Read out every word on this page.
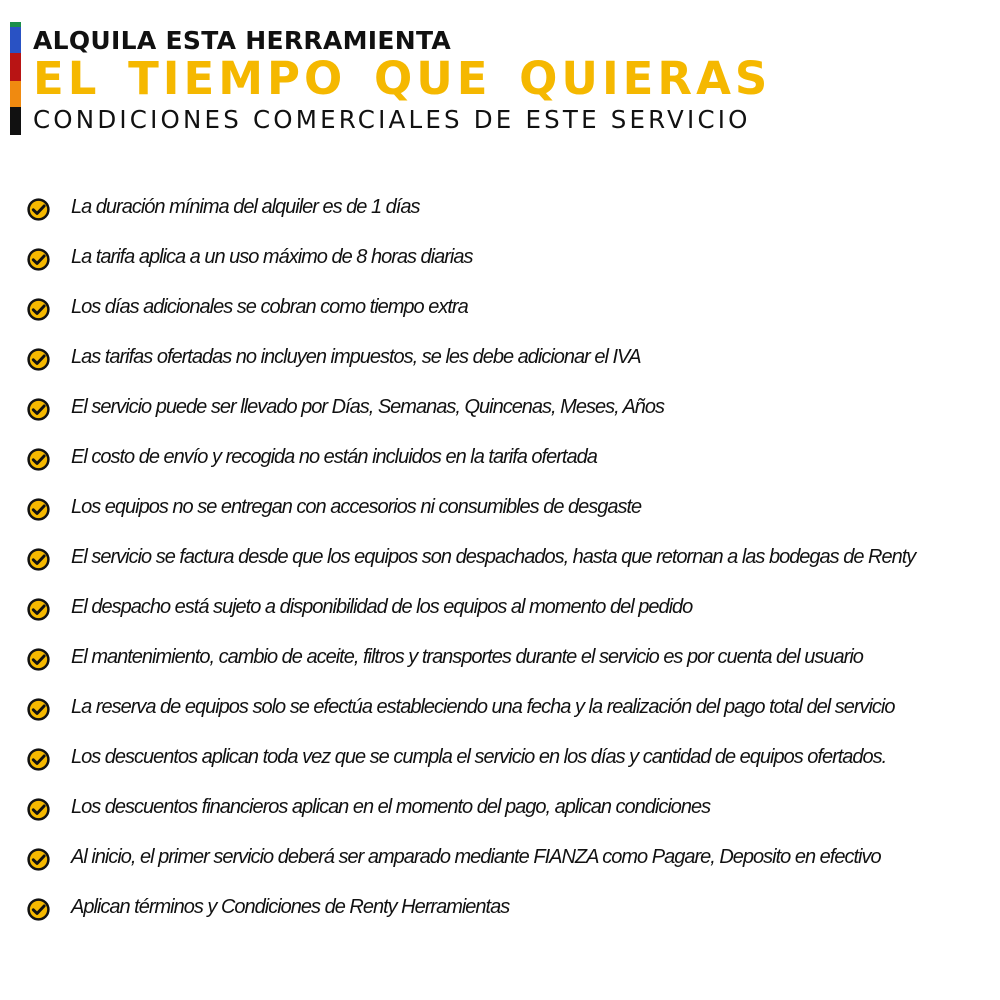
ALQUILA ESTA HERRAMIENTA
EL TIEMPO QUE QUIERAS
CONDICIONES COMERCIALES DE ESTE SERVICIO
La duración mínima del alquiler es de 1 días
La tarifa aplica a un uso máximo de 8 horas diarias
Los días adicionales se cobran como tiempo extra
Las tarifas ofertadas no incluyen impuestos, se les debe adicionar el IVA
El servicio puede ser llevado por Días, Semanas, Quincenas, Meses, Años
El costo de envío y recogida no están incluidos en la tarifa ofertada
Los equipos no se entregan con accesorios ni consumibles de desgaste
El servicio se factura desde que los equipos son despachados, hasta que retornan a las bodegas de Renty
El despacho está sujeto a disponibilidad de los equipos al momento del pedido
El mantenimiento, cambio de aceite, filtros y transportes durante el servicio es por cuenta del usuario
La reserva de equipos solo se efectúa estableciendo una fecha y la realización del pago total del servicio
Los descuentos aplican toda vez que se cumpla el servicio en los días y cantidad de equipos ofertados.
Los descuentos financieros aplican en el momento del pago, aplican condiciones
Al inicio, el primer servicio deberá ser amparado mediante FIANZA como Pagare, Deposito en efectivo
Aplican términos y Condiciones de Renty Herramientas
